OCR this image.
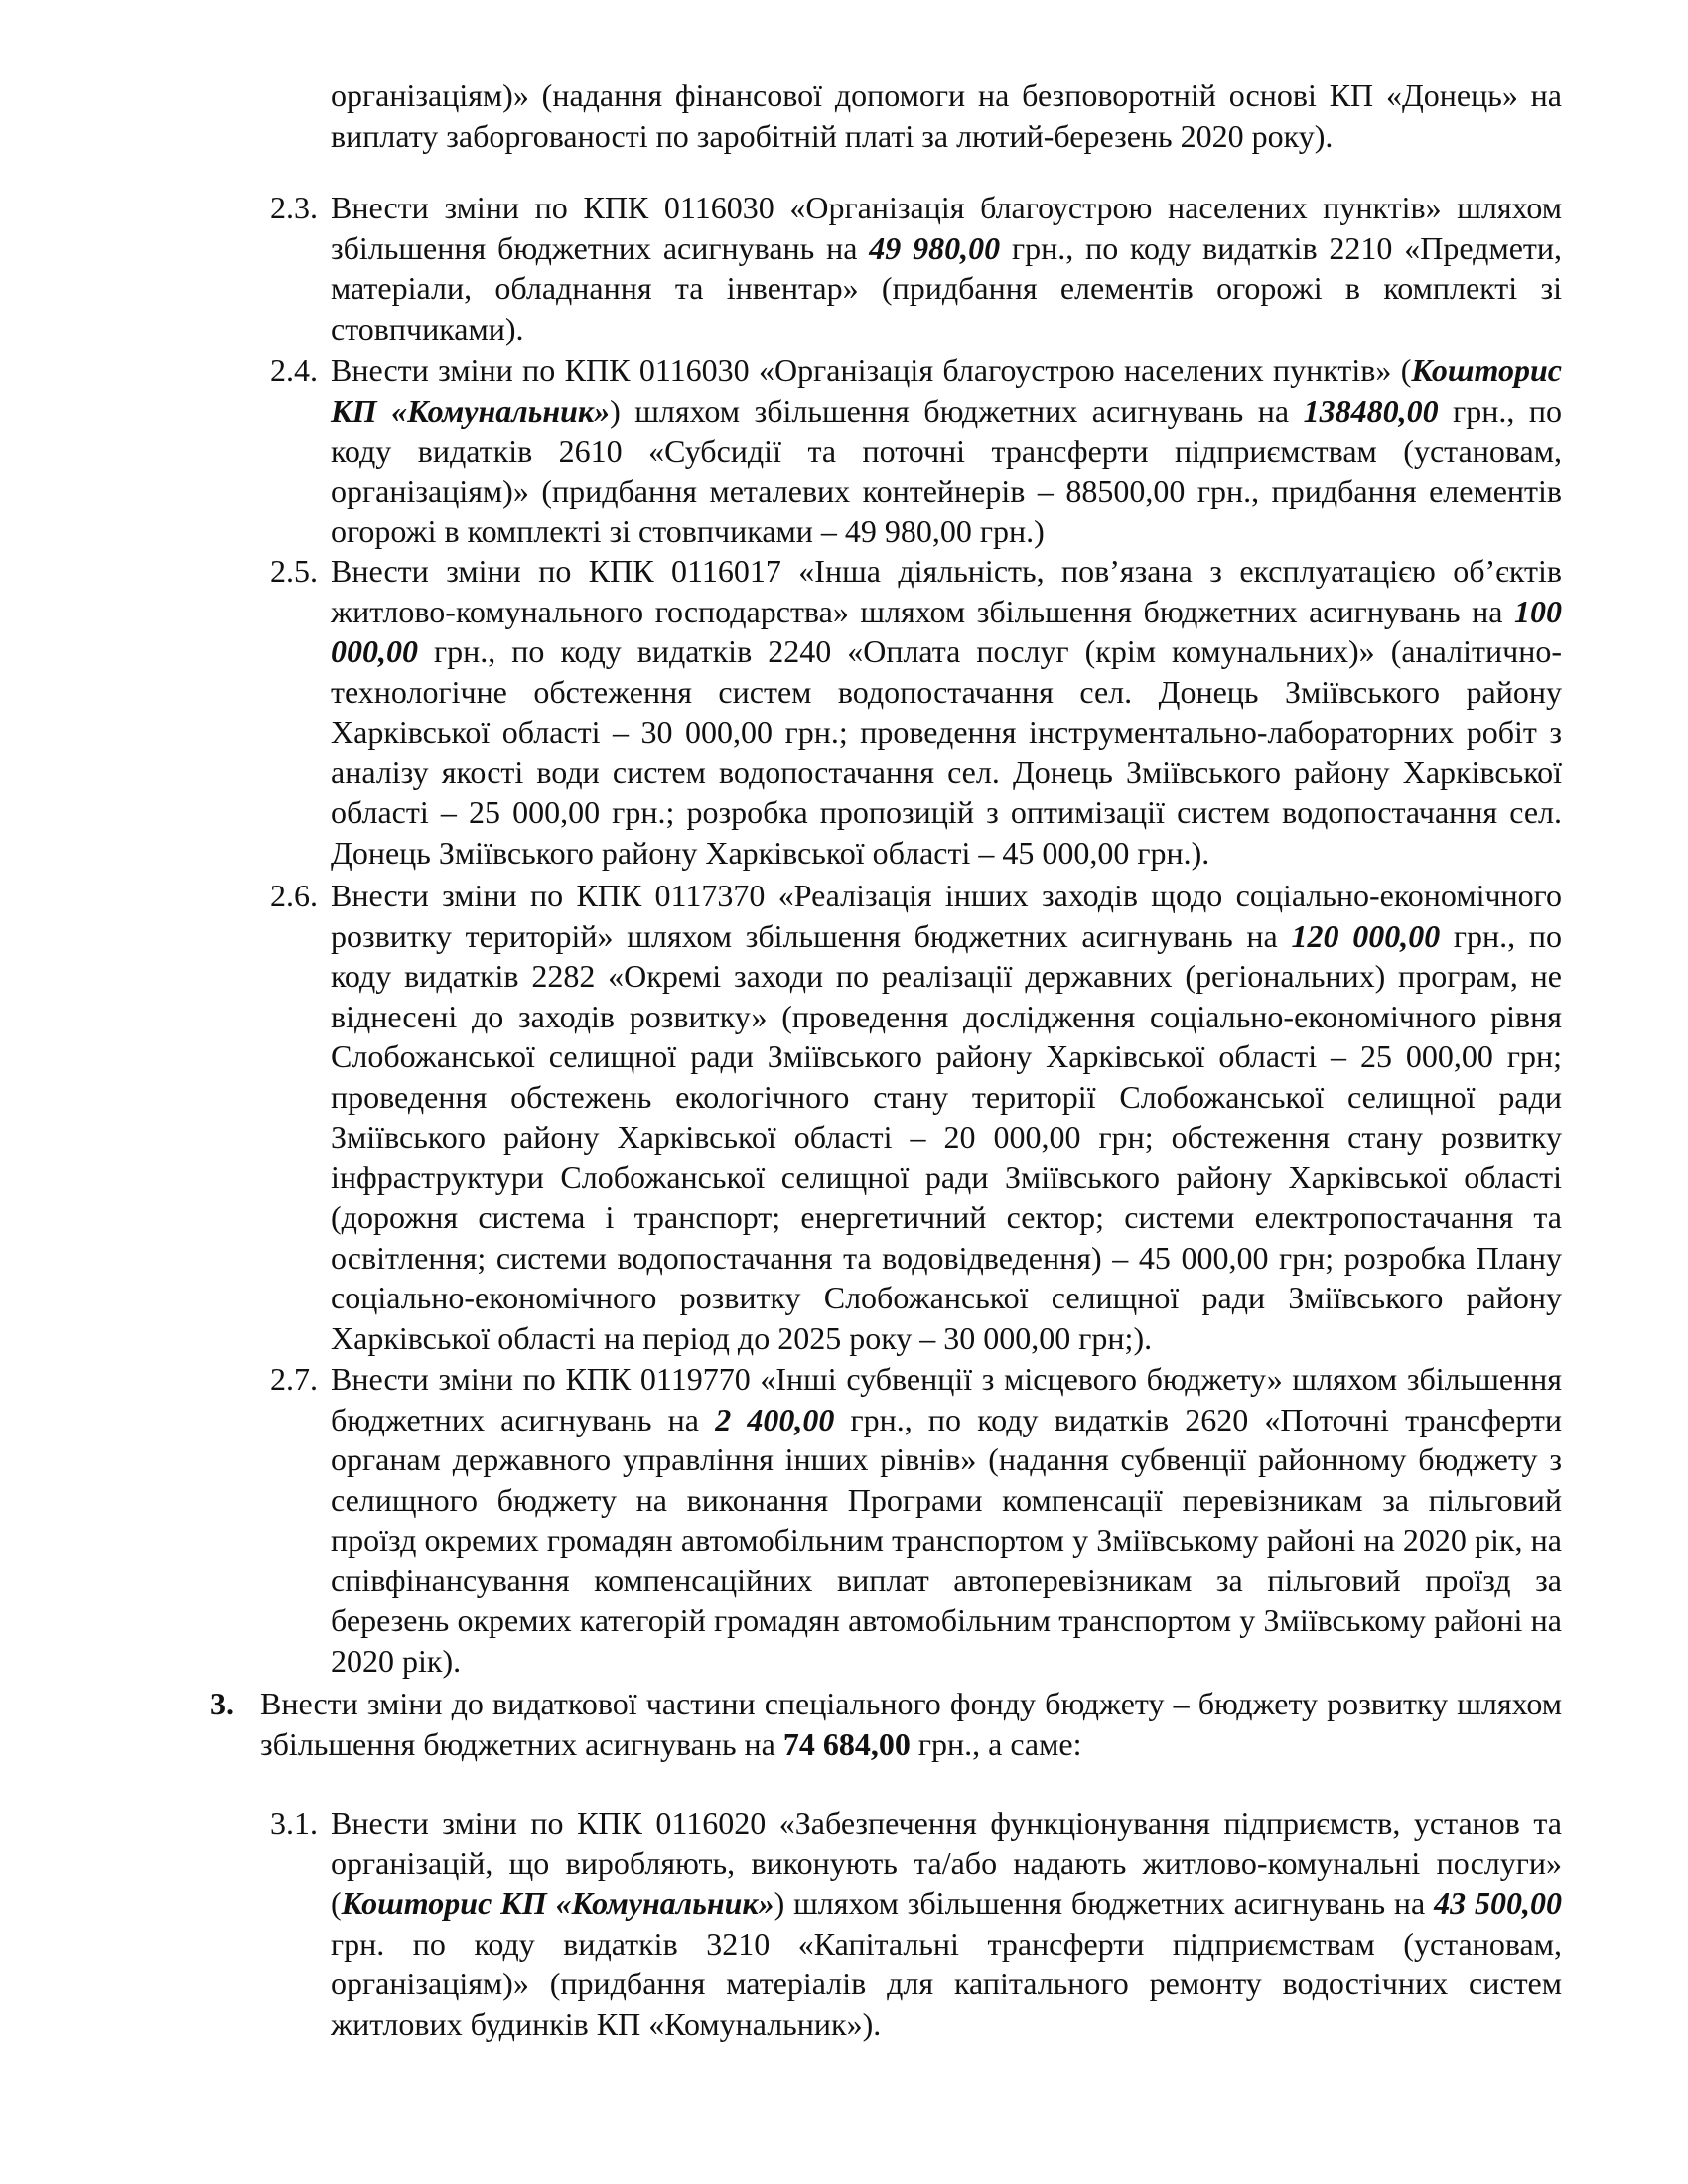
організаціям)» (надання фінансової допомоги на безповоротній основі КП «Донець» на виплату заборгованості по заробітній платі за лютий-березень 2020 року).
2.3. Внести зміни по КПК 0116030 «Організація благоустрою населених пунктів» шляхом збільшення бюджетних асигнувань на 49 980,00 грн., по коду видатків 2210 «Предмети, матеріали, обладнання та інвентар» (придбання елементів огорожі в комплекті зі стовпчиками).
2.4. Внести зміни по КПК 0116030 «Організація благоустрою населених пунктів» (Кошторис КП «Комунальник») шляхом збільшення бюджетних асигнувань на 138480,00 грн., по коду видатків 2610 «Субсидії та поточні трансферти підприємствам (установам, організаціям)» (придбання металевих контейнерів – 88500,00 грн., придбання елементів огорожі в комплекті зі стовпчиками – 49 980,00 грн.)
2.5. Внести зміни по КПК 0116017 «Інша діяльність, пов’язана з експлуатацією об’єктів житлово-комунального господарства» шляхом збільшення бюджетних асигнувань на 100 000,00 грн., по коду видатків 2240 «Оплата послуг (крім комунальних)» (аналітично-технологічне обстеження систем водопостачання сел. Донець Зміївського району Харківської області – 30 000,00 грн.; проведення інструментально-лабораторних робіт з аналізу якості води систем водопостачання сел. Донець Зміївського району Харківської області – 25 000,00 грн.; розробка пропозицій з оптимізації систем водопостачання сел. Донець Зміївського району Харківської області – 45 000,00 грн.).
2.6. Внести зміни по КПК 0117370 «Реалізація інших заходів щодо соціально-економічного розвитку територій» шляхом збільшення бюджетних асигнувань на 120 000,00 грн., по коду видатків 2282 «Окремі заходи по реалізації державних (регіональних) програм, не віднесені до заходів розвитку» (проведення дослідження соціально-економічного рівня Слобожанської селищної ради Зміївського району Харківської області – 25 000,00 грн; проведення обстежень екологічного стану території Слобожанської селищної ради Зміївського району Харківської області – 20 000,00 грн; обстеження стану розвитку інфраструктури Слобожанської селищної ради Зміївського району Харківської області (дорожня система і транспорт; енергетичний сектор; системи електропостачання та освітлення; системи водопостачання та водовідведення) – 45 000,00 грн; розробка Плану соціально-економічного розвитку Слобожанської селищної ради Зміївського району Харківської області на період до 2025 року – 30 000,00 грн;).
2.7. Внести зміни по КПК 0119770 «Інші субвенції з місцевого бюджету» шляхом збільшення бюджетних асигнувань на 2 400,00 грн., по коду видатків 2620 «Поточні трансферти органам державного управління інших рівнів» (надання субвенції районному бюджету з селищного бюджету на виконання Програми компенсації перевізникам за пільговий проїзд окремих громадян автомобільним транспортом у Зміївському районі на 2020 рік, на співфінансування компенсаційних виплат автоперевізникам за пільговий проїзд за березень окремих категорій громадян автомобільним транспортом у Зміївському районі на 2020 рік).
3. Внести зміни до видаткової частини спеціального фонду бюджету – бюджету розвитку шляхом збільшення бюджетних асигнувань на 74 684,00 грн., а саме:
3.1. Внести зміни по КПК 0116020 «Забезпечення функціонування підприємств, установ та організацій, що виробляють, виконують та/або надають житлово-комунальні послуги» (Кошторис КП «Комунальник») шляхом збільшення бюджетних асигнувань на 43 500,00 грн. по коду видатків 3210 «Капітальні трансферти підприємствам (установам, організаціям)» (придбання матеріалів для капітального ремонту водостічних систем житлових будинків КП «Комунальник»).
